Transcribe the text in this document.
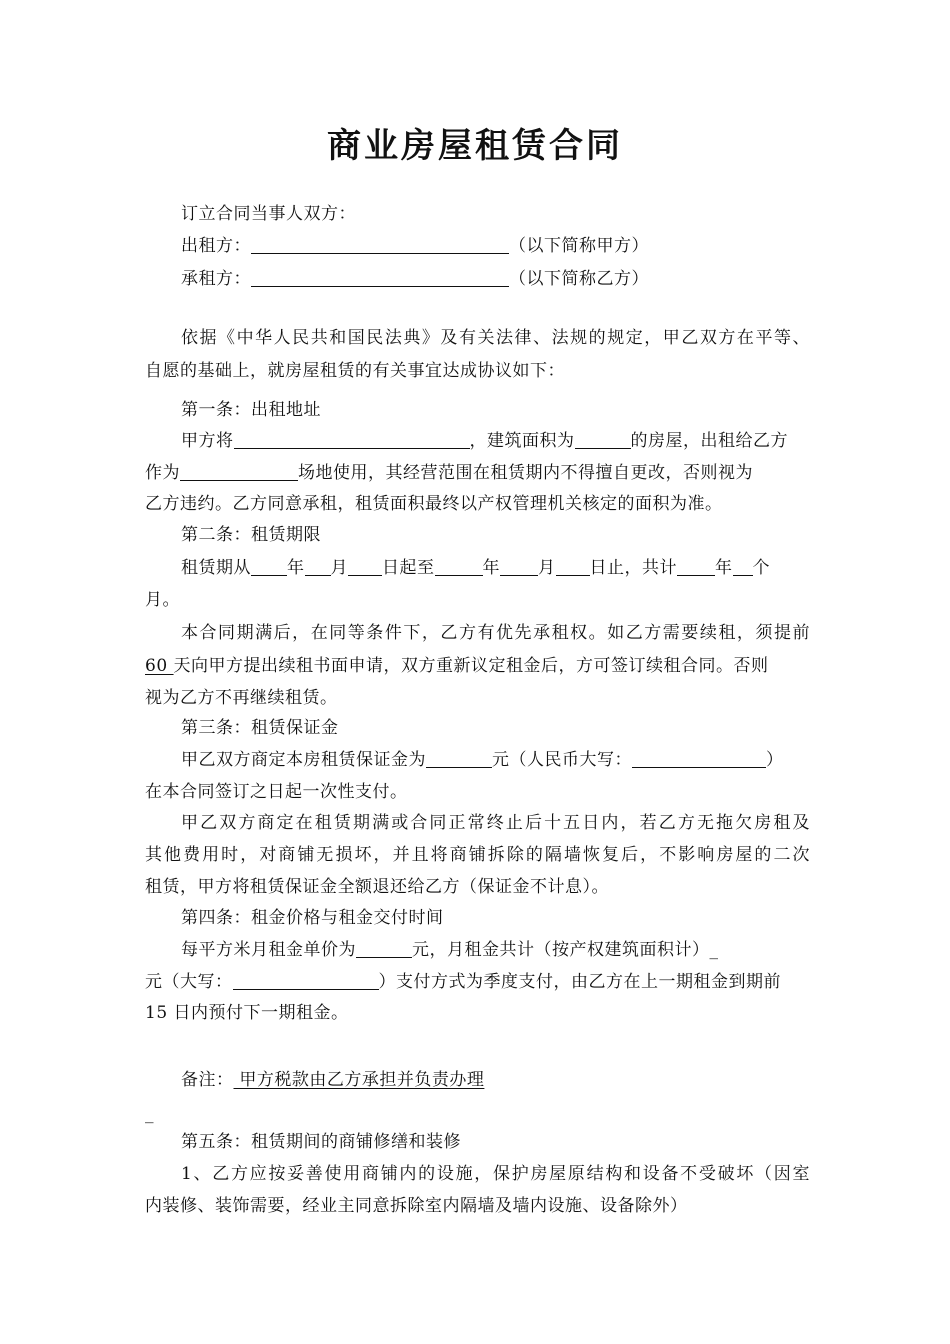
商业房屋租赁合同
订立合同当事人双方：
出租方：	（以下简称甲方）
承租方：	（以下简称乙方）
依据《中华人民共和国民法典》及有关法律、法规的规定，甲乙双方在平等、
自愿的基础上，就房屋租赁的有关事宜达成协议如下：
第一条：出租地址
甲方将	，建筑面积为	的房屋，出租给乙方
作为	场地使用，其经营范围在租赁期内不得擅自更改，否则视为
乙方违约。乙方同意承租，租赁面积最终以产权管理机关核定的面积为准。
第二条：租赁期限
租赁期从 年 月 日起至	年 月 日止，共计 年 个
月。
本合同期满后，在同等条件下，乙方有优先承租权。如乙方需要续租，须提前
60 天向甲方提出续租书面申请，双方重新议定租金后，方可签订续租合同。否则
视为乙方不再继续租赁。
第三条：租赁保证金
甲乙双方商定本房租赁保证金为	元（人民币大写：	）
在本合同签订之日起一次性支付。
甲乙双方商定在租赁期满或合同正常终止后十五日内，若乙方无拖欠房租及
其他费用时，对商铺无损坏，并且将商铺拆除的隔墙恢复后，不影响房屋的二次
租赁，甲方将租赁保证金全额退还给乙方（保证金不计息）。
第四条：租金价格与租金交付时间
每平方米月租金单价为	元，月租金共计（按产权建筑面积计）_
元（大写：	）支付方式为季度支付，由乙方在上一期租金到期前
15 日内预付下一期租金。
备注： 甲方税款由乙方承担并负责办理
_
第五条：租赁期间的商铺修缮和装修
1、乙方应按妥善使用商铺内的设施，保护房屋原结构和设备不受破坏（因室
内装修、装饰需要，经业主同意拆除室内隔墙及墙内设施、设备除外）
